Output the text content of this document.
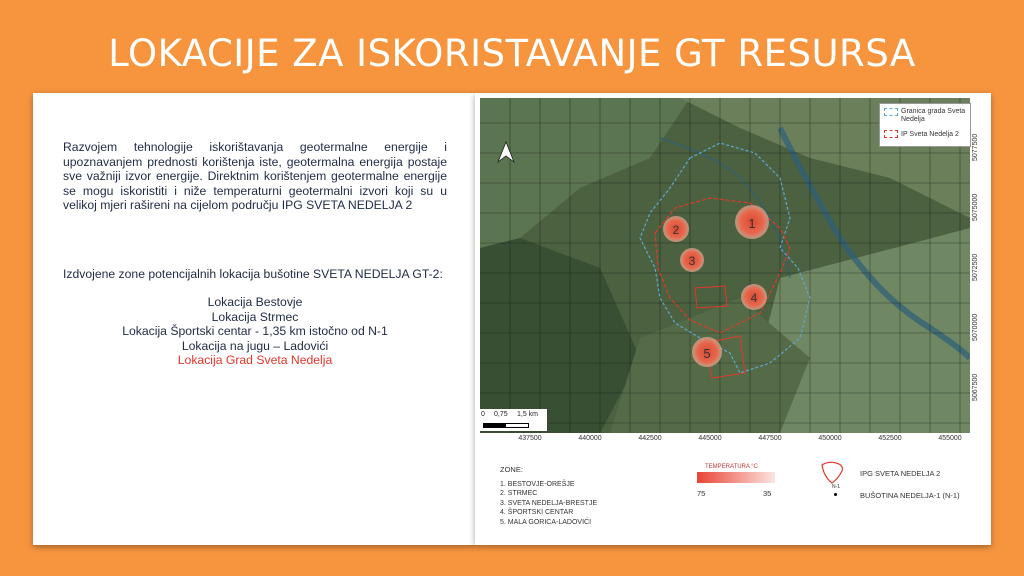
LOKACIJE ZA ISKORISTAVANJE GT RESURSA
Razvojem tehnologije iskorištavanja geotermalne energije i upoznavanjem prednosti korištenja iste, geotermalna energija postaje sve važniji izvor energije. Direktnim korištenjem geotermalne energije se mogu iskoristiti i niže temperaturni geotermalni izvori koji su u velikoj mjeri rašireni na cijelom području IPG SVETA NEDELJA 2
Izdvojene zone potencijalnih lokacija bušotine SVETA NEDELJA GT-2:
Lokacija Bestovje
Lokacija Strmec
Lokacija Športski centar - 1,35 km istočno od N-1
Lokacija na jugu – Ladovići
Lokacija Grad Sveta Nedelja
1
2
3
4
5
Granica grada Sveta Nedelja
IP Sveta Nedelja 2
437500	440000	442500	445000	447500	450000	452500	455000
5077500
5075000
5072500
5070000
5067500
0 0,75 1,5 km
ZONE:
1. BESTOVJE-OREŠJE
2. STRMEC
3. SVETA NEDELJA-BRESTJE
4. ŠPORTSKI CENTAR
5. MALA GORICA-LADOVIĆI
TEMPERATURA °C
75	35
IPG SVETA NEDELJA 2
N-1
BUŠOTINA NEDELJA-1 (N-1)
